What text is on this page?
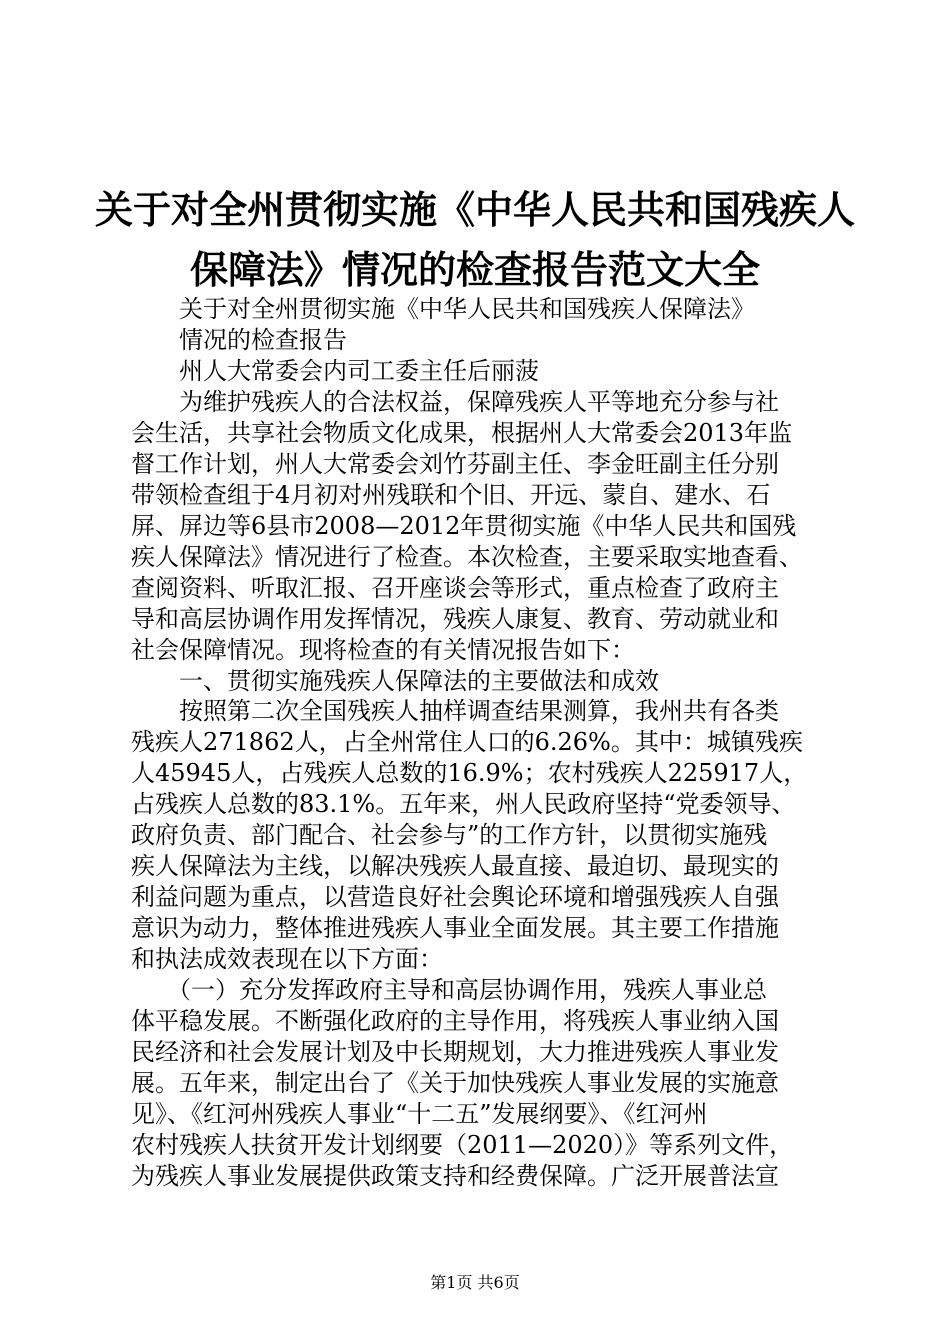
关于对全州贯彻实施《中华人民共和国残疾人
保障法》情况的检查报告范文大全
　　关于对全州贯彻实施《中华人民共和国残疾人保障法》
　　情况的检查报告
　　州人大常委会内司工委主任后丽菠
　　为维护残疾人的合法权益，保障残疾人平等地充分参与社
会生活，共享社会物质文化成果，根据州人大常委会2013年监
督工作计划，州人大常委会刘竹芬副主任、李金旺副主任分别
带领检查组于4月初对州残联和个旧、开远、蒙自、建水、石
屏、屏边等6县市2008—2012年贯彻实施《中华人民共和国残
疾人保障法》情况进行了检查。本次检查，主要采取实地查看、
查阅资料、听取汇报、召开座谈会等形式，重点检查了政府主
导和高层协调作用发挥情况，残疾人康复、教育、劳动就业和
社会保障情况。现将检查的有关情况报告如下：
　　一、贯彻实施残疾人保障法的主要做法和成效
　　按照第二次全国残疾人抽样调查结果测算，我州共有各类
残疾人271862人，占全州常住人口的6.26%。其中：城镇残疾
人45945人，占残疾人总数的16.9%；农村残疾人225917人，
占残疾人总数的83.1%。五年来，州人民政府坚持“党委领导、
政府负责、部门配合、社会参与”的工作方针，以贯彻实施残
疾人保障法为主线，以解决残疾人最直接、最迫切、最现实的
利益问题为重点，以营造良好社会舆论环境和增强残疾人自强
意识为动力，整体推进残疾人事业全面发展。其主要工作措施
和执法成效表现在以下方面：
　　（一）充分发挥政府主导和高层协调作用，残疾人事业总
体平稳发展。不断强化政府的主导作用，将残疾人事业纳入国
民经济和社会发展计划及中长期规划，大力推进残疾人事业发
展。五年来，制定出台了《关于加快残疾人事业发展的实施意
见》、《红河州残疾人事业“十二五”发展纲要》、《红河州
农村残疾人扶贫开发计划纲要（2011—2020）》等系列文件，
为残疾人事业发展提供政策支持和经费保障。广泛开展普法宣
第1页 共6页
